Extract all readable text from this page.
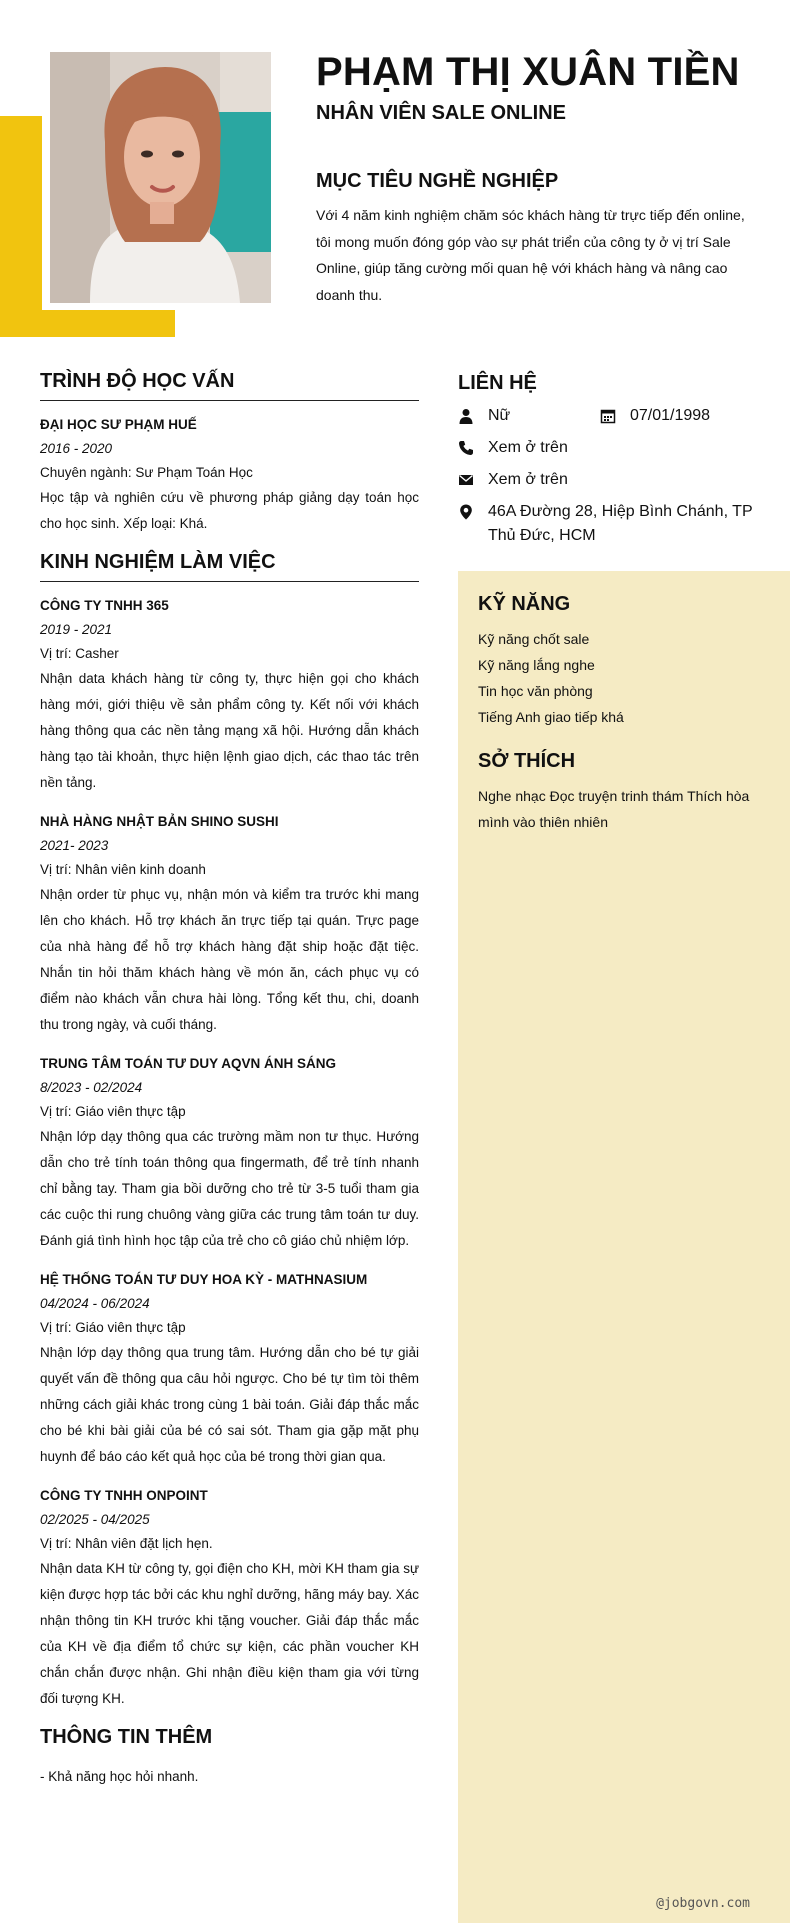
PHẠM THỊ XUÂN TIỀN
NHÂN VIÊN SALE ONLINE
MỤC TIÊU NGHỀ NGHIỆP
Với 4 năm kinh nghiệm chăm sóc khách hàng từ trực tiếp đến online, tôi mong muốn đóng góp vào sự phát triển của công ty ở vị trí Sale Online, giúp tăng cường mối quan hệ với khách hàng và nâng cao doanh thu.
TRÌNH ĐỘ HỌC VẤN
ĐẠI HỌC SƯ PHẠM HUẾ
2016 - 2020
Chuyên ngành: Sư Phạm Toán Học
Học tập và nghiên cứu về phương pháp giảng dạy toán học cho học sinh. Xếp loại: Khá.
KINH NGHIỆM LÀM VIỆC
CÔNG TY TNHH 365
2019 - 2021
Vị trí: Casher
Nhận data khách hàng từ công ty, thực hiện gọi cho khách hàng mới, giới thiệu về sản phẩm công ty. Kết nối với khách hàng thông qua các nền tảng mạng xã hội. Hướng dẫn khách hàng tạo tài khoản, thực hiện lệnh giao dịch, các thao tác trên nền tảng.
NHÀ HÀNG NHẬT BẢN SHINO SUSHI
2021- 2023
Vị trí: Nhân viên kinh doanh
Nhận order từ phục vụ, nhận món và kiểm tra trước khi mang lên cho khách. Hỗ trợ khách ăn trực tiếp tại quán. Trực page của nhà hàng để hỗ trợ khách hàng đặt ship hoặc đặt tiệc. Nhắn tin hỏi thăm khách hàng về món ăn, cách phục vụ có điểm nào khách vẫn chưa hài lòng. Tổng kết thu, chi, doanh thu trong ngày, và cuối tháng.
TRUNG TÂM TOÁN TƯ DUY AQVN ÁNH SÁNG
8/2023 - 02/2024
Vị trí: Giáo viên thực tập
Nhận lớp dạy thông qua các trường mầm non tư thục. Hướng dẫn cho trẻ tính toán thông qua fingermath, để trẻ tính nhanh chỉ bằng tay. Tham gia bồi dưỡng cho trẻ từ 3-5 tuổi tham gia các cuộc thi rung chuông vàng giữa các trung tâm toán tư duy. Đánh giá tình hình học tập của trẻ cho cô giáo chủ nhiệm lớp.
HỆ THỐNG TOÁN TƯ DUY HOA KỲ - MATHNASIUM
04/2024 - 06/2024
Vị trí: Giáo viên thực tập
Nhận lớp dạy thông qua trung tâm. Hướng dẫn cho bé tự giải quyết vấn đề thông qua câu hỏi ngược. Cho bé tự tìm tòi thêm những cách giải khác trong cùng 1 bài toán. Giải đáp thắc mắc cho bé khi bài giải của bé có sai sót. Tham gia gặp mặt phụ huynh để báo cáo kết quả học của bé trong thời gian qua.
CÔNG TY TNHH ONPOINT
02/2025 - 04/2025
Vị trí: Nhân viên đặt lịch hẹn.
Nhận data KH từ công ty, gọi điện cho KH, mời KH tham gia sự kiện được hợp tác bởi các khu nghỉ dưỡng, hãng máy bay. Xác nhận thông tin KH trước khi tặng voucher. Giải đáp thắc mắc của KH về địa điểm tổ chức sự kiện, các phần voucher KH chắn chắn được nhận. Ghi nhận điều kiện tham gia với từng đối tượng KH.
THÔNG TIN THÊM
- Khả năng học hỏi nhanh.
LIÊN HỆ
Nữ	07/01/1998
Xem ở trên
Xem ở trên
46A Đường 28, Hiệp Bình Chánh, TP Thủ Đức, HCM
KỸ NĂNG
Kỹ năng chốt sale
Kỹ năng lắng nghe
Tin học văn phòng
Tiếng Anh giao tiếp khá
SỞ THÍCH
Nghe nhạc Đọc truyện trinh thám Thích hòa mình vào thiên nhiên
@jobgovn.com
